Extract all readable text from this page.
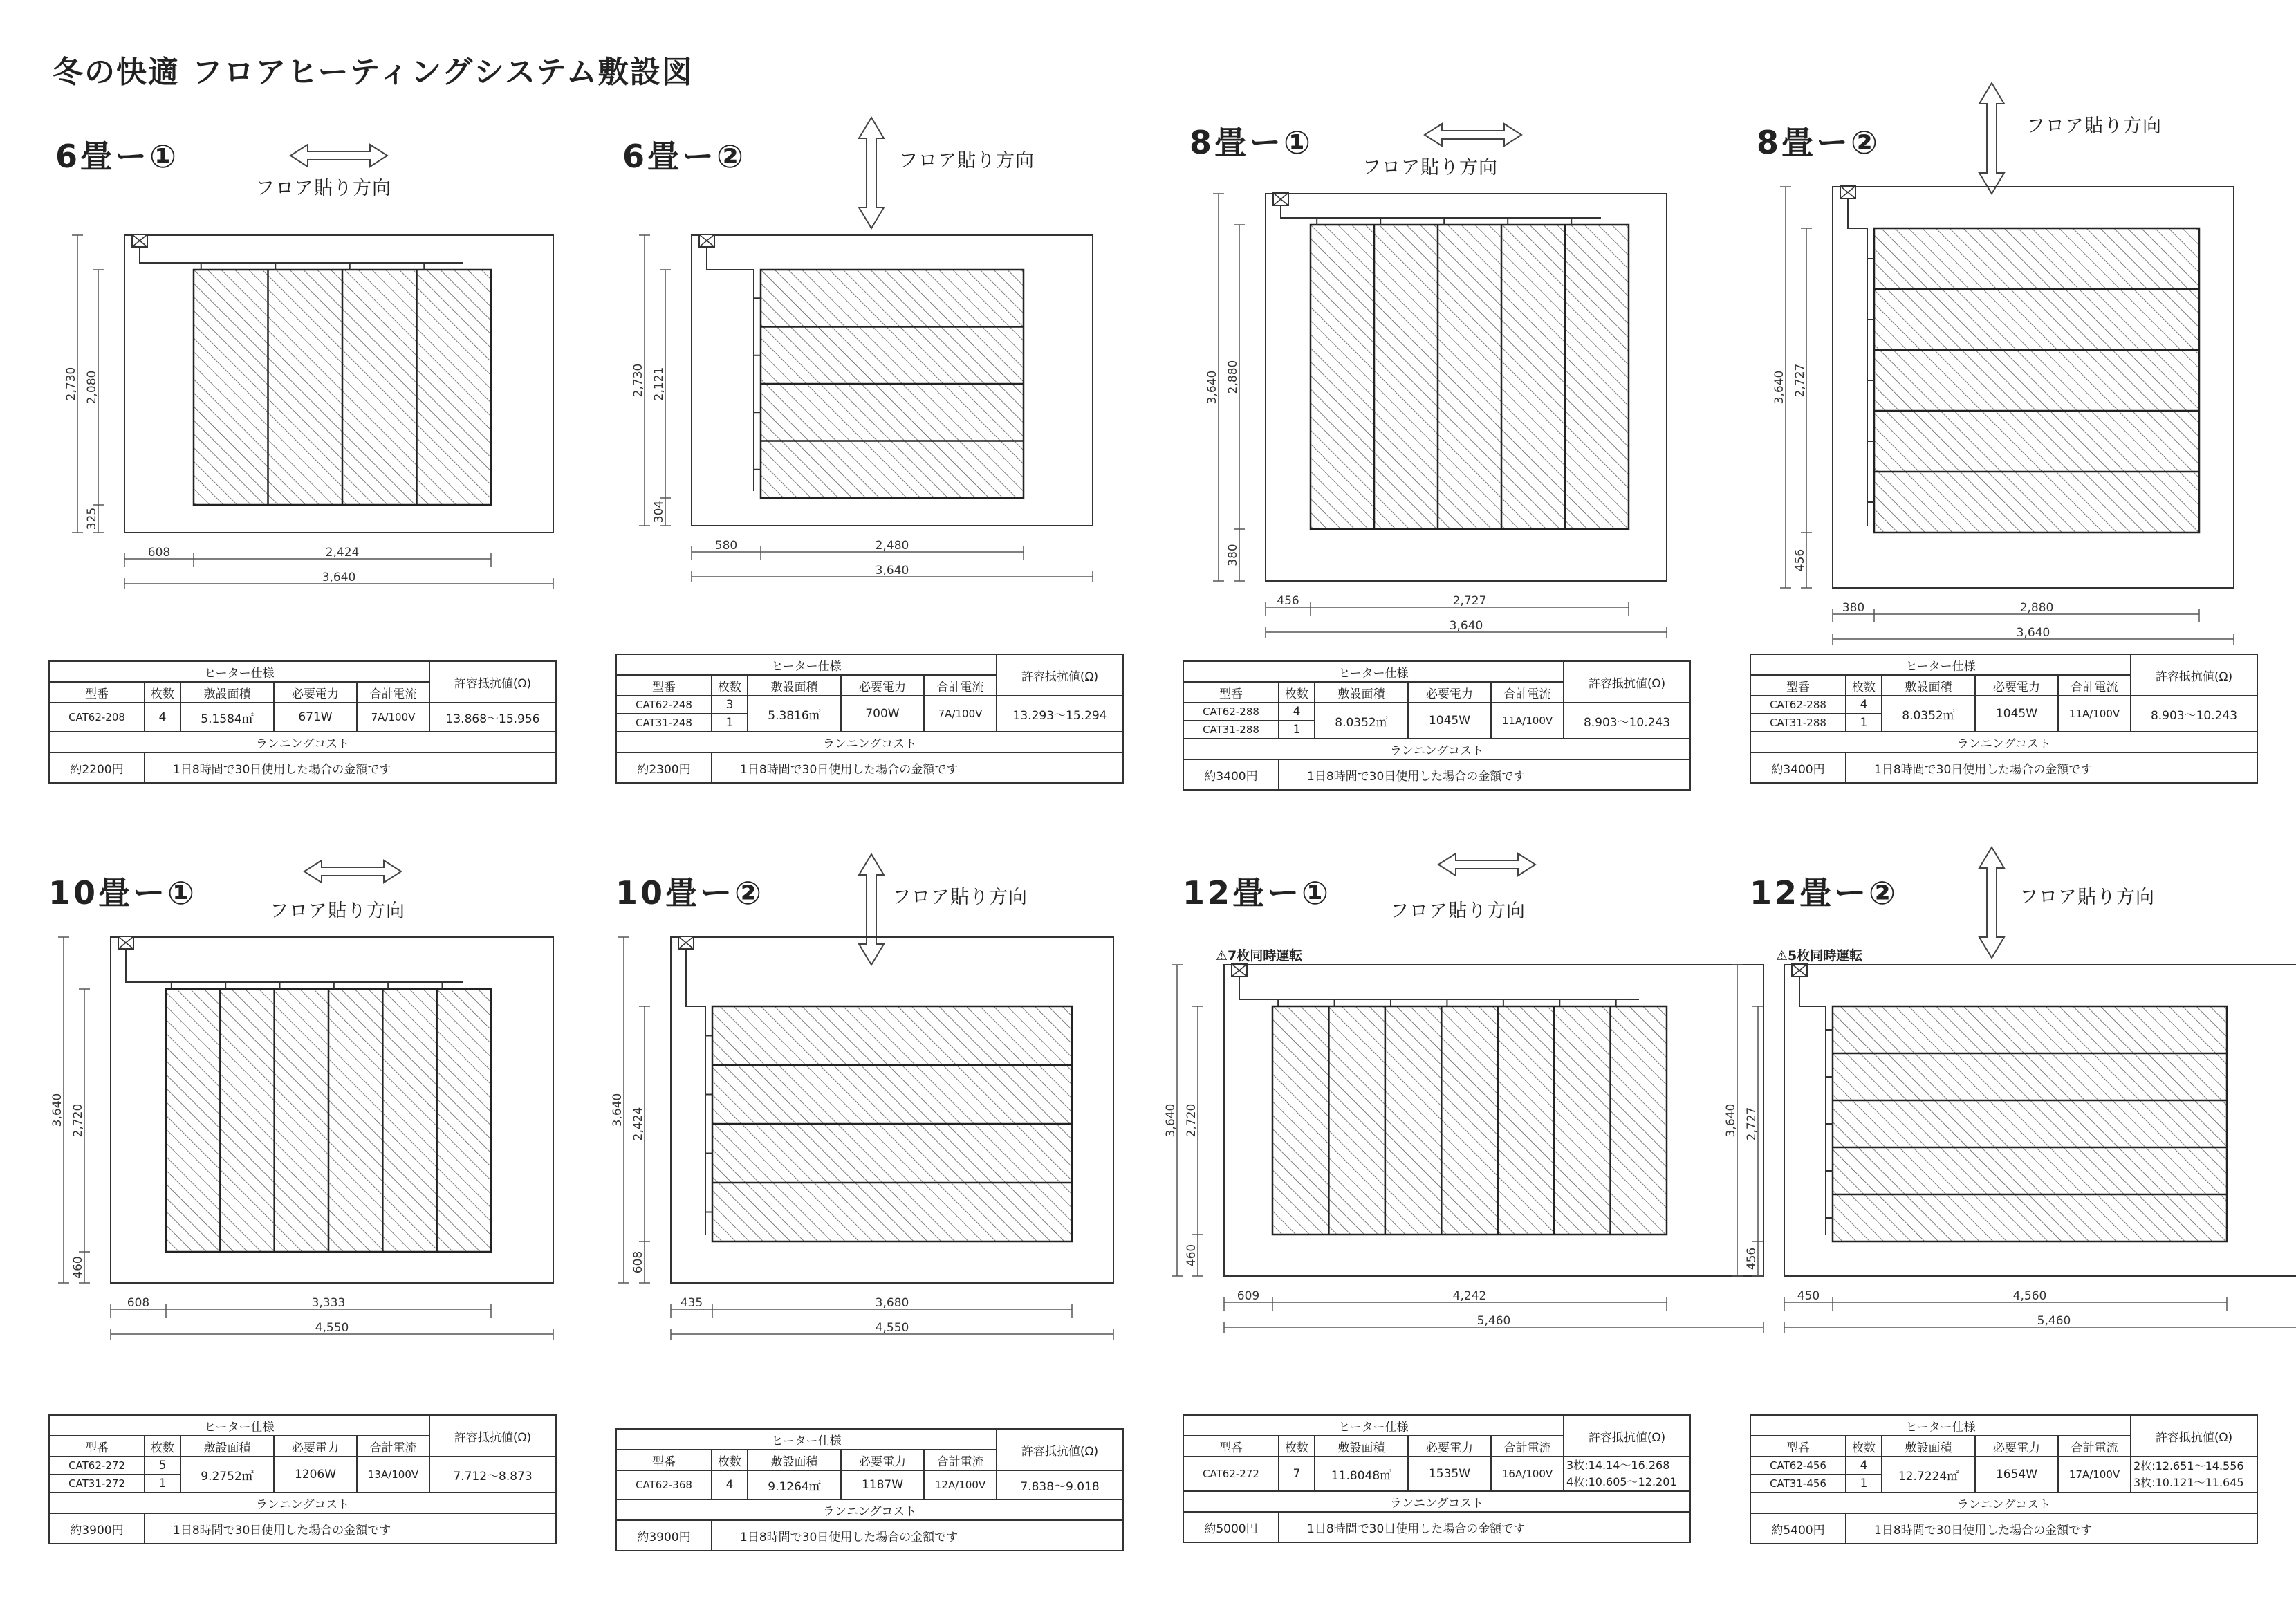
冬の快適 フロアヒーティングシステム敷設図
6畳ー①
フロア貼り方向
608	2,424
3,640
2,080
325
2,730
ヒーター仕様					許容抵抗値(Ω)
型番	枚数	敷設面積	必要電力	合計電流	
CAT62-208	4	5.1584㎡	671W	7A/100V	13.868～15.956
ランニングコスト					
約2200円	1日8時間で30日使用した場合の金額です				
6畳ー②	フロア貼り方向
580	2,480
3,640
2,121
304
2,730
ヒーター仕様					許容抵抗値(Ω)
型番	枚数	敷設面積	必要電力	合計電流	
CAT62-248	3	5.3816㎡	700W	7A/100V	13.293～15.294
CAT31-248	1				
ランニングコスト					
約2300円	1日8時間で30日使用した場合の金額です				
8畳ー①
フロア貼り方向
456	2,727
3,640
2,880
380
3,640
ヒーター仕様					許容抵抗値(Ω)
型番	枚数	敷設面積	必要電力	合計電流	
CAT62-288	4	8.0352㎡	1045W	11A/100V	8.903～10.243
CAT31-288	1				
ランニングコスト					
約3400円	1日8時間で30日使用した場合の金額です				
8畳ー②	フロア貼り方向
380	2,880
3,640
2,727
456
3,640
ヒーター仕様					許容抵抗値(Ω)
型番	枚数	敷設面積	必要電力	合計電流	
CAT62-288	4	8.0352㎡	1045W	11A/100V	8.903～10.243
CAT31-288	1				
ランニングコスト					
約3400円	1日8時間で30日使用した場合の金額です				
10畳ー①	フロア貼り方向
608	3,333
4,550
2,720
460
3,640
ヒーター仕様					許容抵抗値(Ω)
型番	枚数	敷設面積	必要電力	合計電流	
CAT62-272	5	9.2752㎡	1206W	13A/100V	7.712～8.873
CAT31-272	1				
ランニングコスト					
約3900円	1日8時間で30日使用した場合の金額です				
10畳ー②	フロア貼り方向
435	3,680
4,550
2,424
608
3,640
ヒーター仕様					許容抵抗値(Ω)
型番	枚数	敷設面積	必要電力	合計電流	
CAT62-368	4	9.1264㎡	1187W	12A/100V	7.838～9.018
ランニングコスト					
約3900円	1日8時間で30日使用した場合の金額です				
12畳ー①	フロア貼り方向
⚠7枚同時運転
609	4,242
5,460
2,720
460
3,640
ヒーター仕様					許容抵抗値(Ω)
型番	枚数	敷設面積	必要電力	合計電流	
CAT62-272	7	11.8048㎡	1535W	16A/100V	3枚:14.14～16.268
4枚:10.605～12.201
ランニングコスト					
約5000円	1日8時間で30日使用した場合の金額です				
12畳ー②	フロア貼り方向
⚠5枚同時運転
450	4,560
5,460
2,727
456
3,640
ヒーター仕様					許容抵抗値(Ω)
型番	枚数	敷設面積	必要電力	合計電流	
CAT62-456	4	12.7224㎡	1654W	17A/100V	2枚:12.651～14.556
3枚:10.121～11.645
CAT31-456	1				
ランニングコスト					
約5400円	1日8時間で30日使用した場合の金額です				
